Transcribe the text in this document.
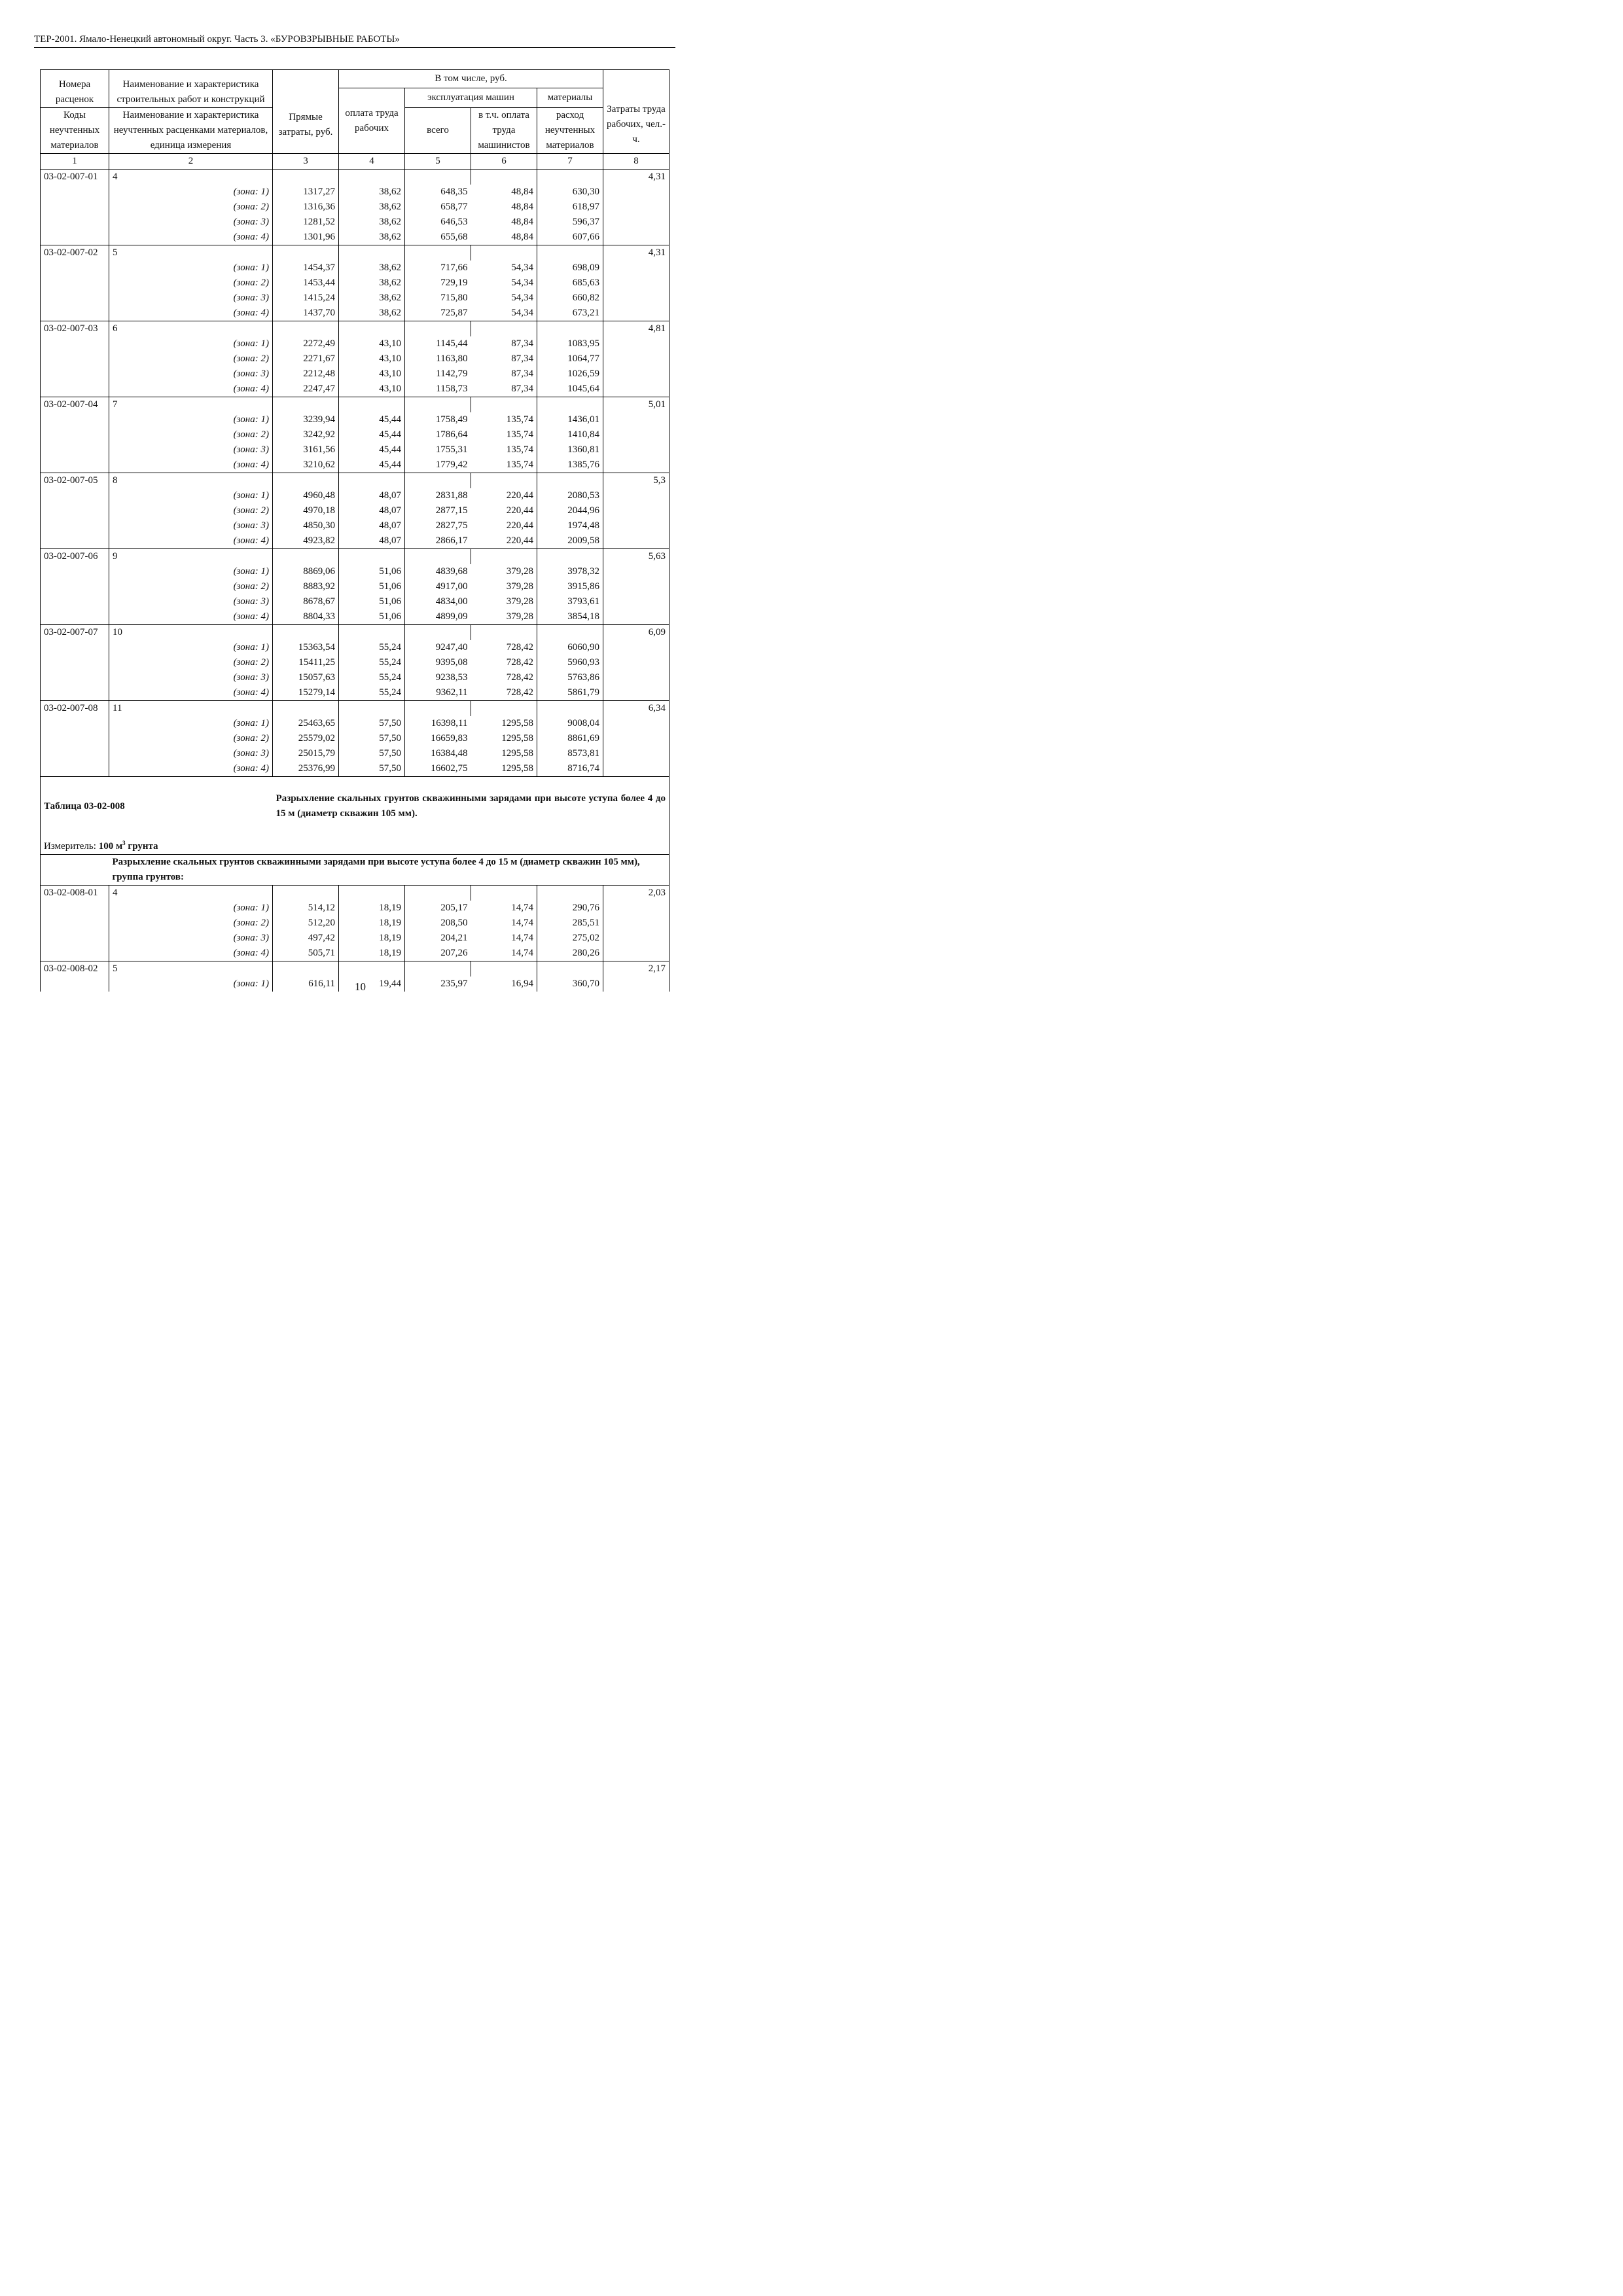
ТЕР-2001. Ямало-Ненецкий автономный округ. Часть 3. «БУРОВЗРЫВНЫЕ РАБОТЫ»
Номера расценок	Наименование и характеристика строительных работ и конструкций	Прямые затраты, руб.	В том числе, руб.				Затраты труда рабочих, чел.-ч.
			оплата труда рабочих	эксплуатация машин		материалы	
Коды неучтенных материалов	Наименование и характеристика неучтенных расценками материалов, единица измерения			всего	в т.ч. оплата труда машинистов	расход неучтенных материалов	
1	2	3	4	5	6	7	8
03-02-007-01	4						4,31
	(зона: 1)	1317,27	38,62	648,35	48,84	630,30	
	(зона: 2)	1316,36	38,62	658,77	48,84	618,97	
	(зона: 3)	1281,52	38,62	646,53	48,84	596,37	
	(зона: 4)	1301,96	38,62	655,68	48,84	607,66	
03-02-007-02	5						4,31
	(зона: 1)	1454,37	38,62	717,66	54,34	698,09	
	(зона: 2)	1453,44	38,62	729,19	54,34	685,63	
	(зона: 3)	1415,24	38,62	715,80	54,34	660,82	
	(зона: 4)	1437,70	38,62	725,87	54,34	673,21	
03-02-007-03	6						4,81
	(зона: 1)	2272,49	43,10	1145,44	87,34	1083,95	
	(зона: 2)	2271,67	43,10	1163,80	87,34	1064,77	
	(зона: 3)	2212,48	43,10	1142,79	87,34	1026,59	
	(зона: 4)	2247,47	43,10	1158,73	87,34	1045,64	
03-02-007-04	7						5,01
	(зона: 1)	3239,94	45,44	1758,49	135,74	1436,01	
	(зона: 2)	3242,92	45,44	1786,64	135,74	1410,84	
	(зона: 3)	3161,56	45,44	1755,31	135,74	1360,81	
	(зона: 4)	3210,62	45,44	1779,42	135,74	1385,76	
03-02-007-05	8						5,3
	(зона: 1)	4960,48	48,07	2831,88	220,44	2080,53	
	(зона: 2)	4970,18	48,07	2877,15	220,44	2044,96	
	(зона: 3)	4850,30	48,07	2827,75	220,44	1974,48	
	(зона: 4)	4923,82	48,07	2866,17	220,44	2009,58	
03-02-007-06	9						5,63
	(зона: 1)	8869,06	51,06	4839,68	379,28	3978,32	
	(зона: 2)	8883,92	51,06	4917,00	379,28	3915,86	
	(зона: 3)	8678,67	51,06	4834,00	379,28	3793,61	
	(зона: 4)	8804,33	51,06	4899,09	379,28	3854,18	
03-02-007-07	10						6,09
	(зона: 1)	15363,54	55,24	9247,40	728,42	6060,90	
	(зона: 2)	15411,25	55,24	9395,08	728,42	5960,93	
	(зона: 3)	15057,63	55,24	9238,53	728,42	5763,86	
	(зона: 4)	15279,14	55,24	9362,11	728,42	5861,79	
03-02-007-08	11						6,34
	(зона: 1)	25463,65	57,50	16398,11	1295,58	9008,04	
	(зона: 2)	25579,02	57,50	16659,83	1295,58	8861,69	
	(зона: 3)	25015,79	57,50	16384,48	1295,58	8573,81	
	(зона: 4)	25376,99	57,50	16602,75	1295,58	8716,74	
Таблица 03-02-008		Разрыхление скальных грунтов скважинными зарядами при высоте уступа более 4 до 15 м (диаметр скважин 105 мм).					
Измеритель: 100 $м^3$ грунта							
	Разрыхление скальных грунтов скважинными зарядами при высоте уступа более 4 до 15 м (диаметр скважин 105 мм), группа грунтов:						
03-02-008-01	4						2,03
	(зона: 1)	514,12	18,19	205,17	14,74	290,76	
	(зона: 2)	512,20	18,19	208,50	14,74	285,51	
	(зона: 3)	497,42	18,19	204,21	14,74	275,02	
	(зона: 4)	505,71	18,19	207,26	14,74	280,26	
03-02-008-02	5						2,17
	(зона: 1)	616,11	19,44	235,97	16,94	360,70	
10
